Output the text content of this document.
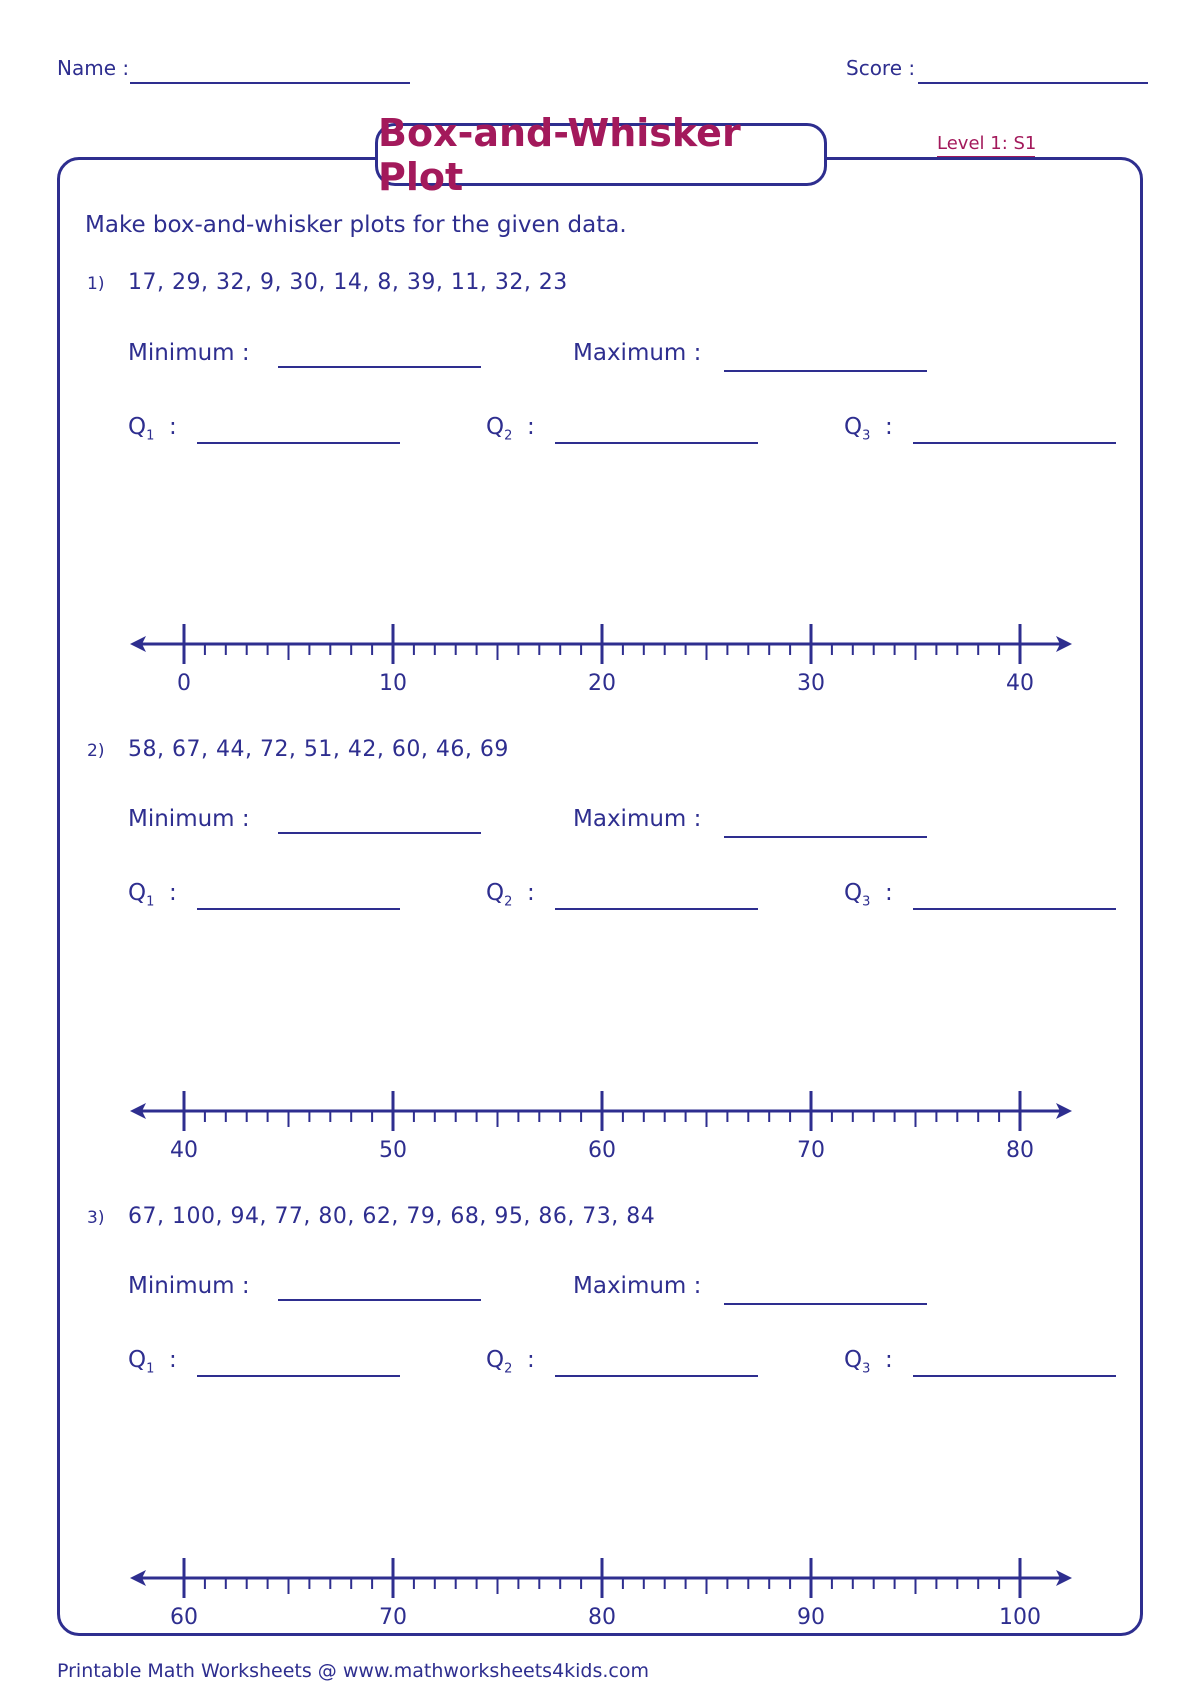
Name :	Score :
Box-and-Whisker Plot
Level 1: S1
Make box-and-whisker plots for the given data.
1) 17, 29, 32, 9, 30, 14, 8, 39, 11, 32, 23
Minimum :	Maximum :
$Q_1$ :	$Q_2$ :	$Q_3$ :
0	10	20	30	40
2) 58, 67, 44, 72, 51, 42, 60, 46, 69
Minimum :	Maximum :
$Q_1$ :	$Q_2$ :	$Q_3$ :
40	50	60	70	80
3) 67, 100, 94, 77, 80, 62, 79, 68, 95, 86, 73, 84
Minimum :	Maximum :
$Q_1$ :	$Q_2$ :	$Q_3$ :
60	70	80	90	100
Printable Math Worksheets @ www.mathworksheets4kids.com
